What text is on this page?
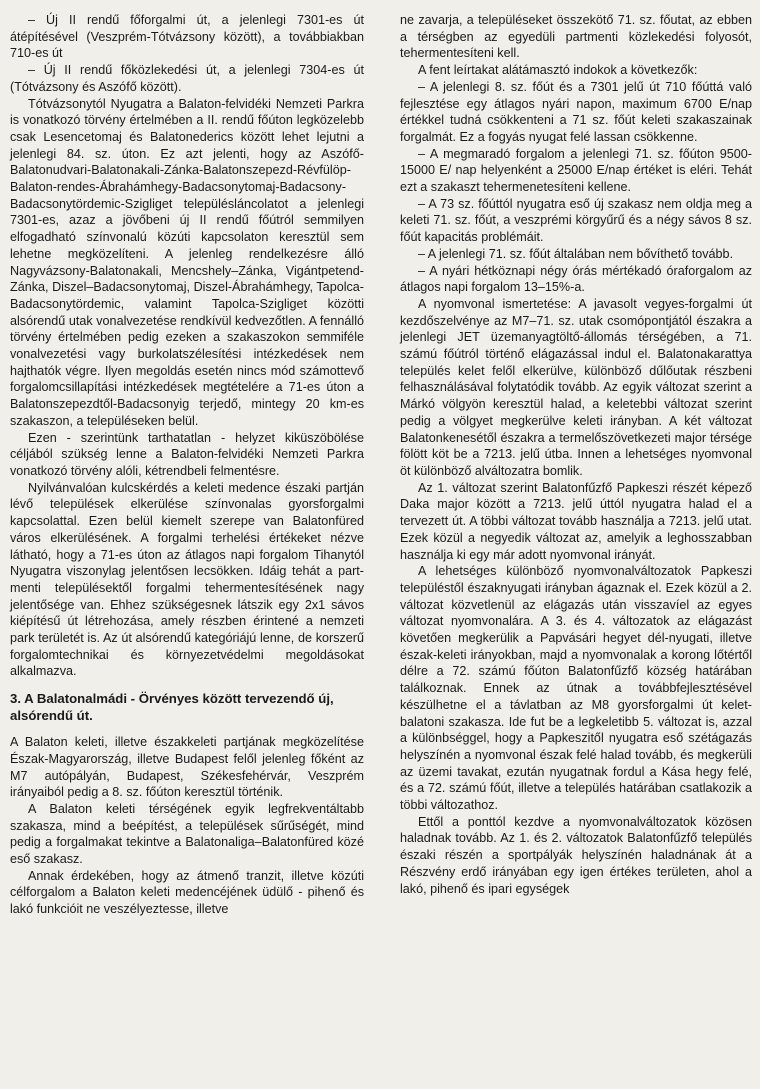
– Új II rendű főforgalmi út, a jelenlegi 7301-es út átépítésével (Veszprém-Tótvázsony között), a továbbiakban 710-es út

– Új II rendű főközlekedési út, a jelenlegi 7304-es út (Tótvázsony és Aszófő között).

Tótvázsonytól Nyugatra a Balaton-felvidéki Nemzeti Parkra is vonatkozó törvény értelmében a II. rendű főúton legközelebb csak Lesencetomaj és Balatonederics között lehet lejutni a jelenlegi 84. sz. úton. Ez azt jelenti, hogy az Aszófő-Balatonudvari-Balatonakali-Zánka-Balatonszepezd-Révfülöp-Balaton-rendes-Ábrahámhegy-Badacsonytomaj-Badacsony-Badacsonytördemic-Szigliget településláncolatot a jelenlegi 7301-es, azaz a jövőbeni új II rendű főútról semmilyen elfogadható színvonalú közúti kapcsolaton keresztül sem lehetne megközelíteni. A jelenleg rendelkezésre álló Nagyvázsony-Balatonakali, Mencshely–Zánka, Vigántpetend-Zánka, Diszel–Badacsonytomaj, Diszel-Ábrahámhegy, Tapolca-Badacsonytördemic, valamint Tapolca-Szigliget közötti alsórendű utak vonalvezetése rendkívül kedvezőtlen. A fennálló törvény értelmében pedig ezeken a szakaszokon semmiféle vonalvezetési vagy burkolatszélesítési intézkedések nem hajthatók végre. Ilyen megoldás esetén nincs mód számottevő forgalomcsillapítási intézkedések megtételére a 71-es úton a Balatonszepezdtől-Badacsonyig terjedő, mintegy 20 km-es szakaszon, a településeken belül.

Ezen - szerintünk tarthatatlan - helyzet kiküszöbölése céljából szükség lenne a Balaton-felvidéki Nemzeti Parkra vonatkozó törvény alóli, kétrendbeli felmentésre.

Nyilvánvalóan kulcskérdés a keleti medence északi partján lévő települések elkerülése színvonalas gyorsforgalmi kapcsolattal. Ezen belül kiemelt szerepe van Balatonfüred város elkerülésének. A forgalmi terhelési értékeket nézve látható, hogy a 71-es úton az átlagos napi forgalom Tihanytól Nyugatra viszonylag jelentősen lecsökken. Idáig tehát a part-menti településektől forgalmi tehermentesítésének nagy jelentősége van. Ehhez szükségesnek látszik egy 2x1 sávos kiépítésű út létrehozása, amely részben érintené a nemzeti park területét is. Az út alsórendű kategóriájú lenne, de korszerű forgalomtechnikai és környezetvédelmi megoldásokat alkalmazva.

3. A Balatonalmádi - Örvényes között tervezendő új, alsórendű út.

A Balaton keleti, illetve északkeleti partjának megközelítése Észak-Magyarország, illetve Budapest felől jelenleg főként az M7 autópályán, Budapest, Székesfehérvár, Veszprém irányaiból pedig a 8. sz. főúton keresztül történik.

A Balaton keleti térségének egyik legfrekventáltabb szakasza, mind a beépítést, a települések sűrűségét, mind pedig a forgalmakat tekintve a Balatonaliga–Balatonfüred közé eső szakasz.

Annak érdekében, hogy az átmenő tranzit, illetve közúti célforgalom a Balaton keleti medencéjének üdülő - pihenő és lakó funkcióit ne veszélyeztesse, illetve

ne zavarja, a településeket összekötő 71. sz. főutat, az ebben a térségben az egyedüli partmenti közlekedési folyosót, tehermentesíteni kell.

A fent leírtakat alátámasztó indokok a következők:

– A jelenlegi 8. sz. főút és a 7301 jelű út 710 főúttá való fejlesztése egy átlagos nyári napon, maximum 6700 E/nap értékkel tudná csökkenteni a 71 sz. főút keleti szakaszainak forgalmát. Ez a fogyás nyugat felé lassan csökkenne.

– A megmaradó forgalom a jelenlegi 71. sz. főúton 9500-15000 E/ nap helyenként a 25000 E/nap értéket is eléri. Tehát ezt a szakaszt tehermenetesíteni kellene.

– A 73 sz. főúttól nyugatra eső új szakasz nem oldja meg a keleti 71. sz. főút, a veszprémi körgyűrű és a négy sávos 8 sz. főút kapacitás problémáit.

– A jelenlegi 71. sz. főút általában nem bővíthető tovább.

– A nyári hétköznapi négy órás mértékadó óraforgalom az átlagos napi forgalom 13–15%-a.

A nyomvonal ismertetése: A javasolt vegyes-forgalmi út kezdőszelvénye az M7–71. sz. utak csomópontjától északra a jelenlegi JET üzemanyagtöltő-állomás térségében, a 71. számú főútról történő elágazással indul el. Balatonakarattya település kelet felől elkerülve, különböző dűlőutak részbeni felhasználásával folytatódik tovább. Az egyik változat szerint a Márkó völgyön keresztül halad, a keletebbi változat szerint pedig a völgyet megkerülve keleti irányban. A két változat Balatonkenesétől északra a termelőszövetkezeti major térsége fölött köt be a 7213. jelű útba. Innen a lehetséges nyomvonal öt különböző alváltozatra bomlik.

Az 1. változat szerint Balatonfűzfő Papkeszi részét képező Daka major között a 7213. jelű úttól nyugatra halad el a tervezett út. A többi változat tovább használja a 7213. jelű utat. Ezek közül a negyedik változat az, amelyik a leghosszabban használja ki egy már adott nyomvonal irányát.

A lehetséges különböző nyomvonalváltozatok Papkeszi településtől északnyugati irányban ágaznak el. Ezek közül a 2. változat közvetlenül az elágazás után visszavíel az egyes változat nyomvonalára. A 3. és 4. változatok az elágazást követően megkerülik a Papvásári hegyet dél-nyugati, illetve észak-keleti irányokban, majd a nyomvonalak a korong lőtértől délre a 72. számú főúton Balatonfűzfő község határában találkoznak. Ennek az útnak a továbbfejlesztésével készülhetne el a távlatban az M8 gyorsforgalmi út kelet-balatoni szakasza. Ide fut be a legkeletibb 5. változat is, azzal a különbséggel, hogy a Papkeszitől nyugatra eső szétágazás helyszínén a nyomvonal észak felé halad tovább, és megkerüli az üzemi tavakat, ezután nyugatnak fordul a Kása hegy felé, és a 72. számú főút, illetve a település határában csatlakozik a többi változathoz.

Ettől a ponttól kezdve a nyomvonalváltozatok közösen haladnak tovább. Az 1. és 2. változatok Balatonfűzfő település északi részén a sportpályák helyszínén haladnának át a Részvény erdő irányában egy igen értékes területen, ahol a lakó, pihenő és ipari egységek
